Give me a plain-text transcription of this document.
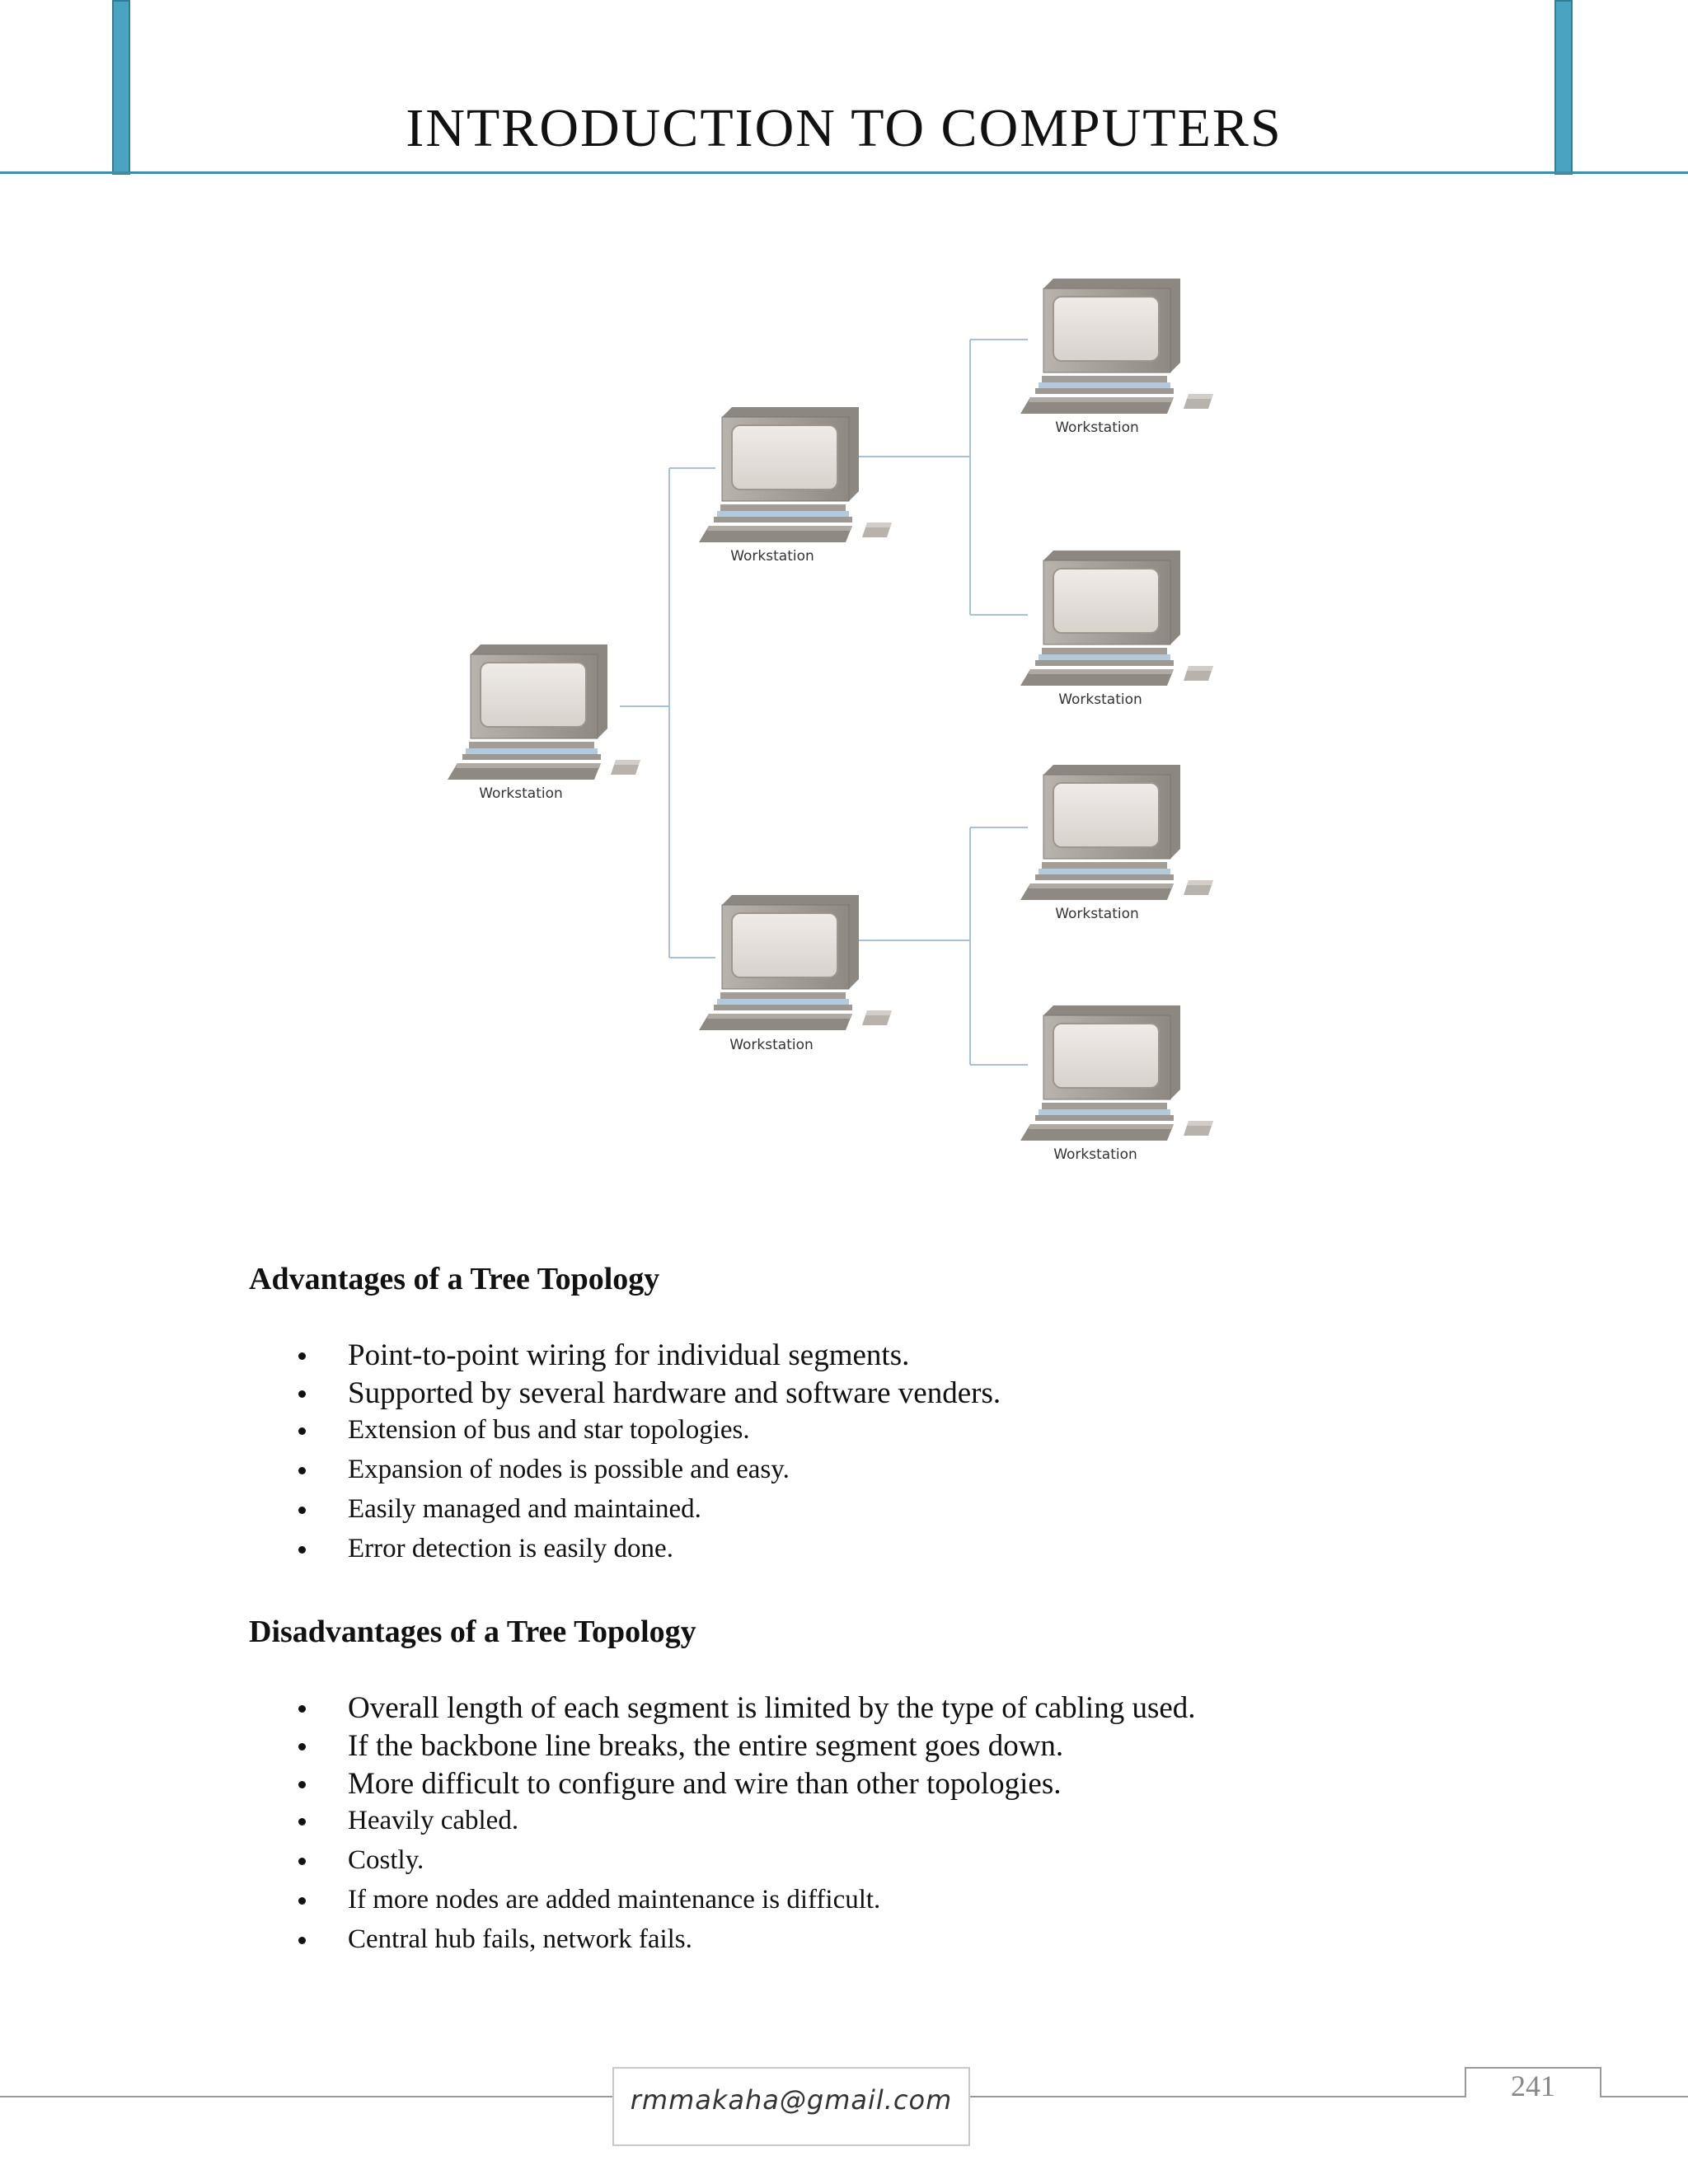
INTRODUCTION TO COMPUTERS
Workstation
Workstation
Workstation
Workstation
Workstation
Workstation
Workstation
Advantages of a Tree Topology
Point-to-point wiring for individual segments.
Supported by several hardware and software venders.
Extension of bus and star topologies.
Expansion of nodes is possible and easy.
Easily managed and maintained.
Error detection is easily done.
Disadvantages of a Tree Topology
Overall length of each segment is limited by the type of cabling used.
If the backbone line breaks, the entire segment goes down.
More difficult to configure and wire than other topologies.
Heavily cabled.
Costly.
If more nodes are added maintenance is difficult.
Central hub fails, network fails.
rmmakaha@gmail.com	241
